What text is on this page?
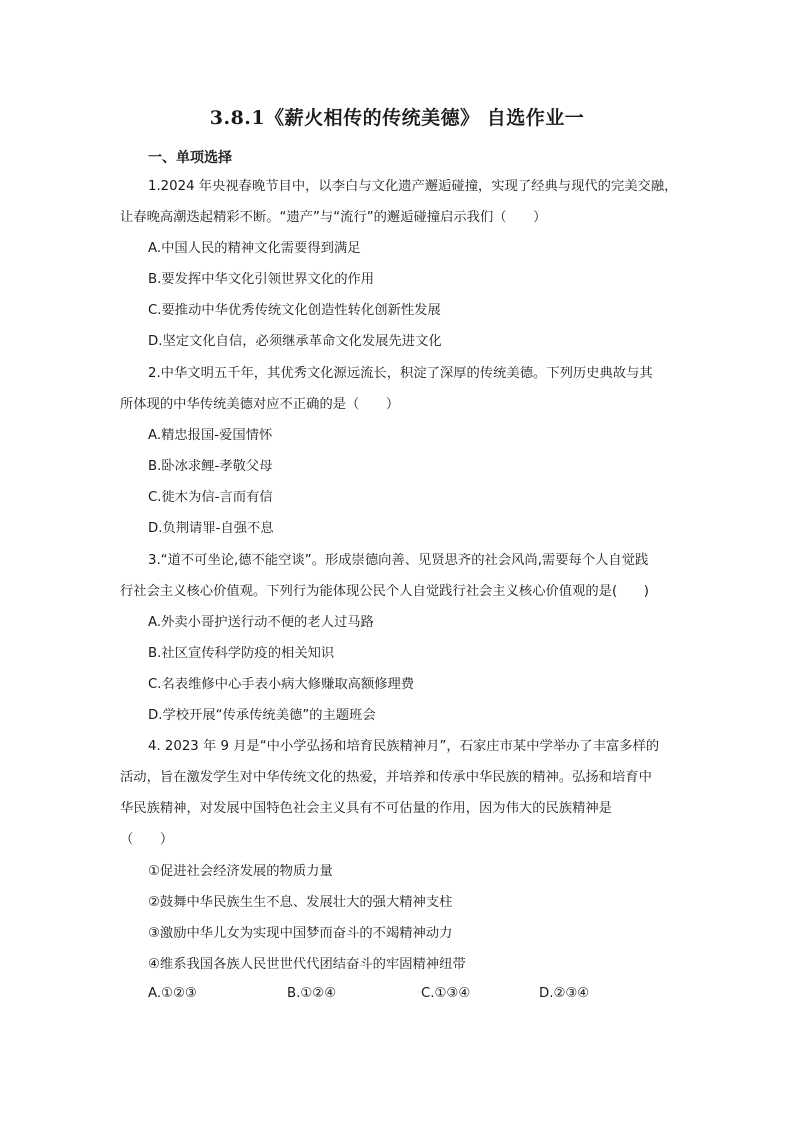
3.8.1《薪火相传的传统美德》 自选作业一
一、单项选择
1.2024 年央视春晚节目中，以李白与文化遗产邂逅碰撞，实现了经典与现代的完美交融，
让春晚高潮迭起精彩不断。“遗产”与“流行”的邂逅碰撞启示我们（　　）
A.中国人民的精神文化需要得到满足
B.要发挥中华文化引领世界文化的作用
C.要推动中华优秀传统文化创造性转化创新性发展
D.坚定文化自信，必须继承革命文化发展先进文化
2.中华文明五千年，其优秀文化源远流长，积淀了深厚的传统美德。下列历史典故与其
所体现的中华传统美德对应不正确的是（　　）
A.精忠报国-爱国情怀
B.卧冰求鲤-孝敬父母
C.徙木为信-言而有信
D.负荆请罪-自强不息
3.“道不可坐论,德不能空谈”。形成崇德向善、见贤思齐的社会风尚,需要每个人自觉践
行社会主义核心价值观。下列行为能体现公民个人自觉践行社会主义核心价值观的是(　　)
A.外卖小哥护送行动不便的老人过马路
B.社区宣传科学防疫的相关知识
C.名表维修中心手表小病大修赚取高额修理费
D.学校开展“传承传统美德”的主题班会
4. 2023 年 9 月是“中小学弘扬和培育民族精神月”，石家庄市某中学举办了丰富多样的
活动，旨在激发学生对中华传统文化的热爱，并培养和传承中华民族的精神。弘扬和培育中
华民族精神，对发展中国特色社会主义具有不可估量的作用，因为伟大的民族精神是
（　　）
①促进社会经济发展的物质力量
②鼓舞中华民族生生不息、发展壮大的强大精神支柱
③激励中华儿女为实现中国梦而奋斗的不竭精神动力
④维系我国各族人民世世代代团结奋斗的牢固精神纽带
A.①②③	B.①②④	C.①③④	D.②③④
